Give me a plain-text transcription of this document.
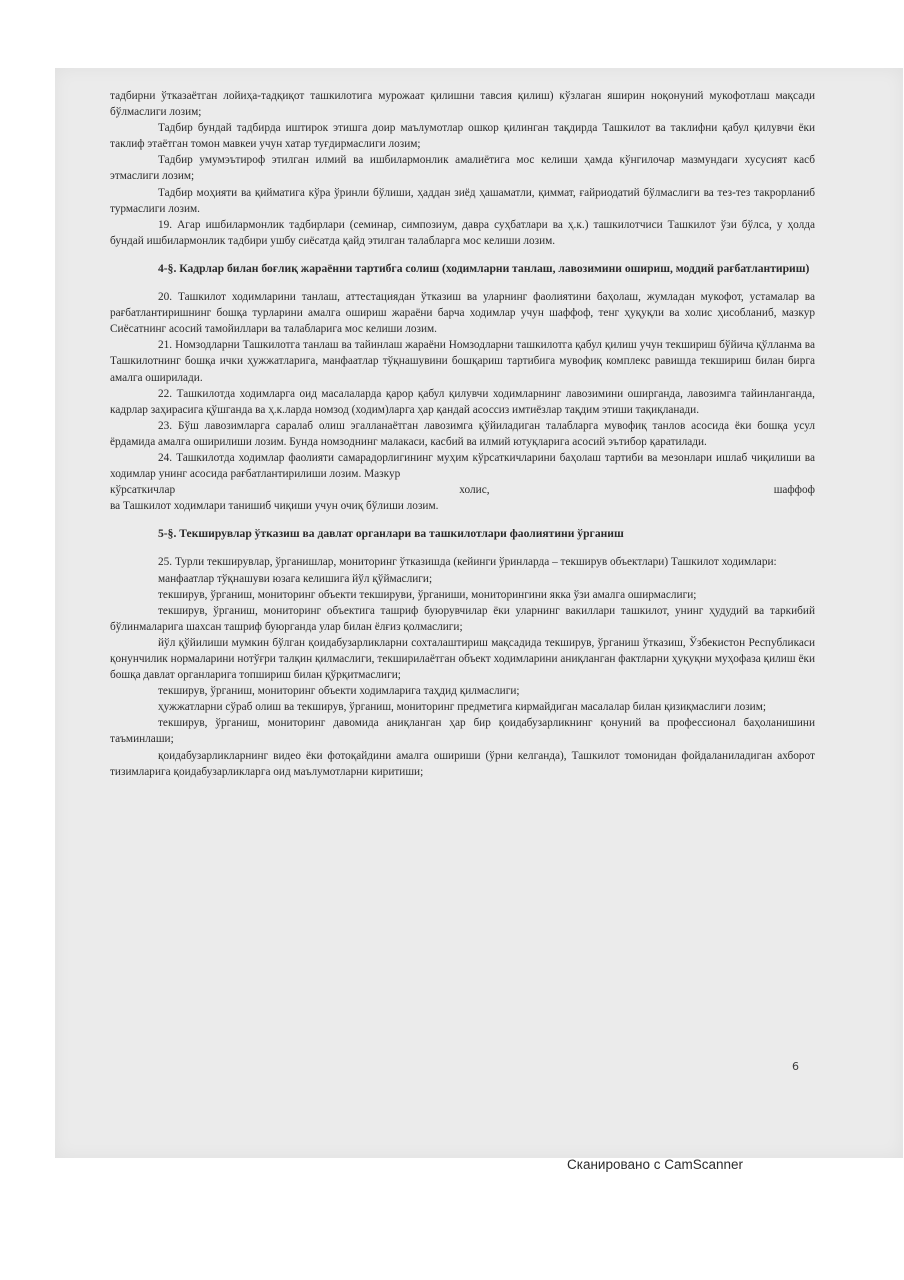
тадбирни ўтказаётган лойиҳа-тадқиқот ташкилотига мурожаат қилишни тавсия қилиш) кўзлаган яширин ноқонуний мукофотлаш мақсади бўлмаслиги лозим;

Тадбир бундай тадбирда иштирок этишга доир маълумотлар ошкор қилинган тақдирда Ташкилот ва таклифни қабул қилувчи ёки таклиф этаётган томон мавкеи учун хатар туғдирмаслиги лозим;

Тадбир умумэътироф этилган илмий ва ишбилармонлик амалиётига мос келиши ҳамда кўнгилочар мазмундаги хусусият касб этмаслиги лозим;

Тадбир моҳияти ва қийматига кўра ўринли бўлиши, ҳаддан зиёд ҳашаматли, қиммат, ғайриодатий бўлмаслиги ва тез-тез такрорланиб турмаслиги лозим.

19. Агар ишбилармонлик тадбирлари (семинар, симпозиум, давра суҳбатлари ва ҳ.к.) ташкилотчиси Ташкилот ўзи бўлса, у ҳолда бундай ишбилармонлик тадбири ушбу сиёсатда қайд этилган талабларга мос келиши лозим.

4-§. Кадрлар билан боғлиқ жараённи тартибга солиш (ходимларни танлаш, лавозимини ошириш, моддий рағбатлантириш)

20. Ташкилот ходимларини танлаш, аттестациядан ўтказиш ва уларнинг фаолиятини баҳолаш, жумладан мукофот, устамалар ва рағбатлантиришнинг бошқа турларини амалга ошириш жараёни барча ходимлар учун шаффоф, тенг ҳуқуқли ва холис ҳисобланиб, мазкур Сиёсатнинг асосий тамойиллари ва талабларига мос келиши лозим.

21. Номзодларни Ташкилотга танлаш ва тайинлаш жараёни Номзодларни ташкилотга қабул қилиш учун текшириш бўйича қўлланма ва Ташкилотнинг бошқа ички ҳужжатларига, манфаатлар тўқнашувини бошқариш тартибига мувофиқ комплекс равишда текшириш билан бирга амалга оширилади.

22. Ташкилотда ходимларга оид масалаларда қарор қабул қилувчи ходимларнинг лавозимини оширганда, лавозимга тайинланганда, кадрлар заҳирасига қўшганда ва ҳ.к.ларда номзод (ходим)ларга ҳар қандай асоссиз имтиёзлар тақдим этиши тақиқланади.

23. Бўш лавозимларга саралаб олиш эгалланаётган лавозимга қўйиладиган талабларга мувофиқ танлов асосида ёки бошқа усул ёрдамида амалга оширилиши лозим. Бунда номзоднинг малакаси, касбий ва илмий ютуқларига асосий эътибор қаратилади.

24. Ташкилотда ходимлар фаолияти самарадорлигининг муҳим кўрсаткичларини баҳолаш тартиби ва мезонлари ишлаб чиқилиши ва ходимлар унинг асосида рағбатлантирилиши лозим. Мазкур

кўрсаткичлар	холис,	шаффоф

ва Ташкилот ходимлари танишиб чиқиши учун очиқ бўлиши лозим.

5-§. Текширувлар ўтказиш ва давлат органлари ва ташкилотлари фаолиятини ўрганиш

25. Турли текширувлар, ўрганишлар, мониторинг ўтказишда (кейинги ўринларда – текширув объектлари) Ташкилот ходимлари:

манфаатлар тўқнашуви юзага келишига йўл қўймаслиги;

текширув, ўрганиш, мониторинг объекти текшируви, ўрганиши, мониторингини якка ўзи амалга оширмаслиги;

текширув, ўрганиш, мониторинг объектига ташриф буюрувчилар ёки уларнинг вакиллари ташкилот, унинг ҳудудий ва таркибий бўлинмаларига шахсан ташриф буюрганда улар билан ёлғиз қолмаслиги;

йўл қўйилиши мумкин бўлган қоидабузарликларни сохталаштириш мақсадида текширув, ўрганиш ўтказиш, Ўзбекистон Республикаси қонунчилик нормаларини нотўғри талқин қилмаслиги, текширилаётган объект ходимларини аниқланган фактларни ҳуқуқни муҳофаза қилиш ёки бошқа давлат органларига топшириш билан қўрқитмаслиги;

текширув, ўрганиш, мониторинг объекти ходимларига таҳдид қилмаслиги;

ҳужжатларни сўраб олиш ва текширув, ўрганиш, мониторинг предметига кирмайдиган масалалар билан қизиқмаслиги лозим;

текширув, ўрганиш, мониторинг давомида аниқланган ҳар бир қоидабузарликнинг қонуний ва профессионал баҳоланишини таъминлаши;

қоидабузарликларнинг видео ёки фотоқайдини амалга ошириши (ўрни келганда), Ташкилот томонидан фойдаланиладиган ахборот тизимларига қоидабузарликларга оид маълумотларни киритиши;

6
Сканировано с CamScanner
